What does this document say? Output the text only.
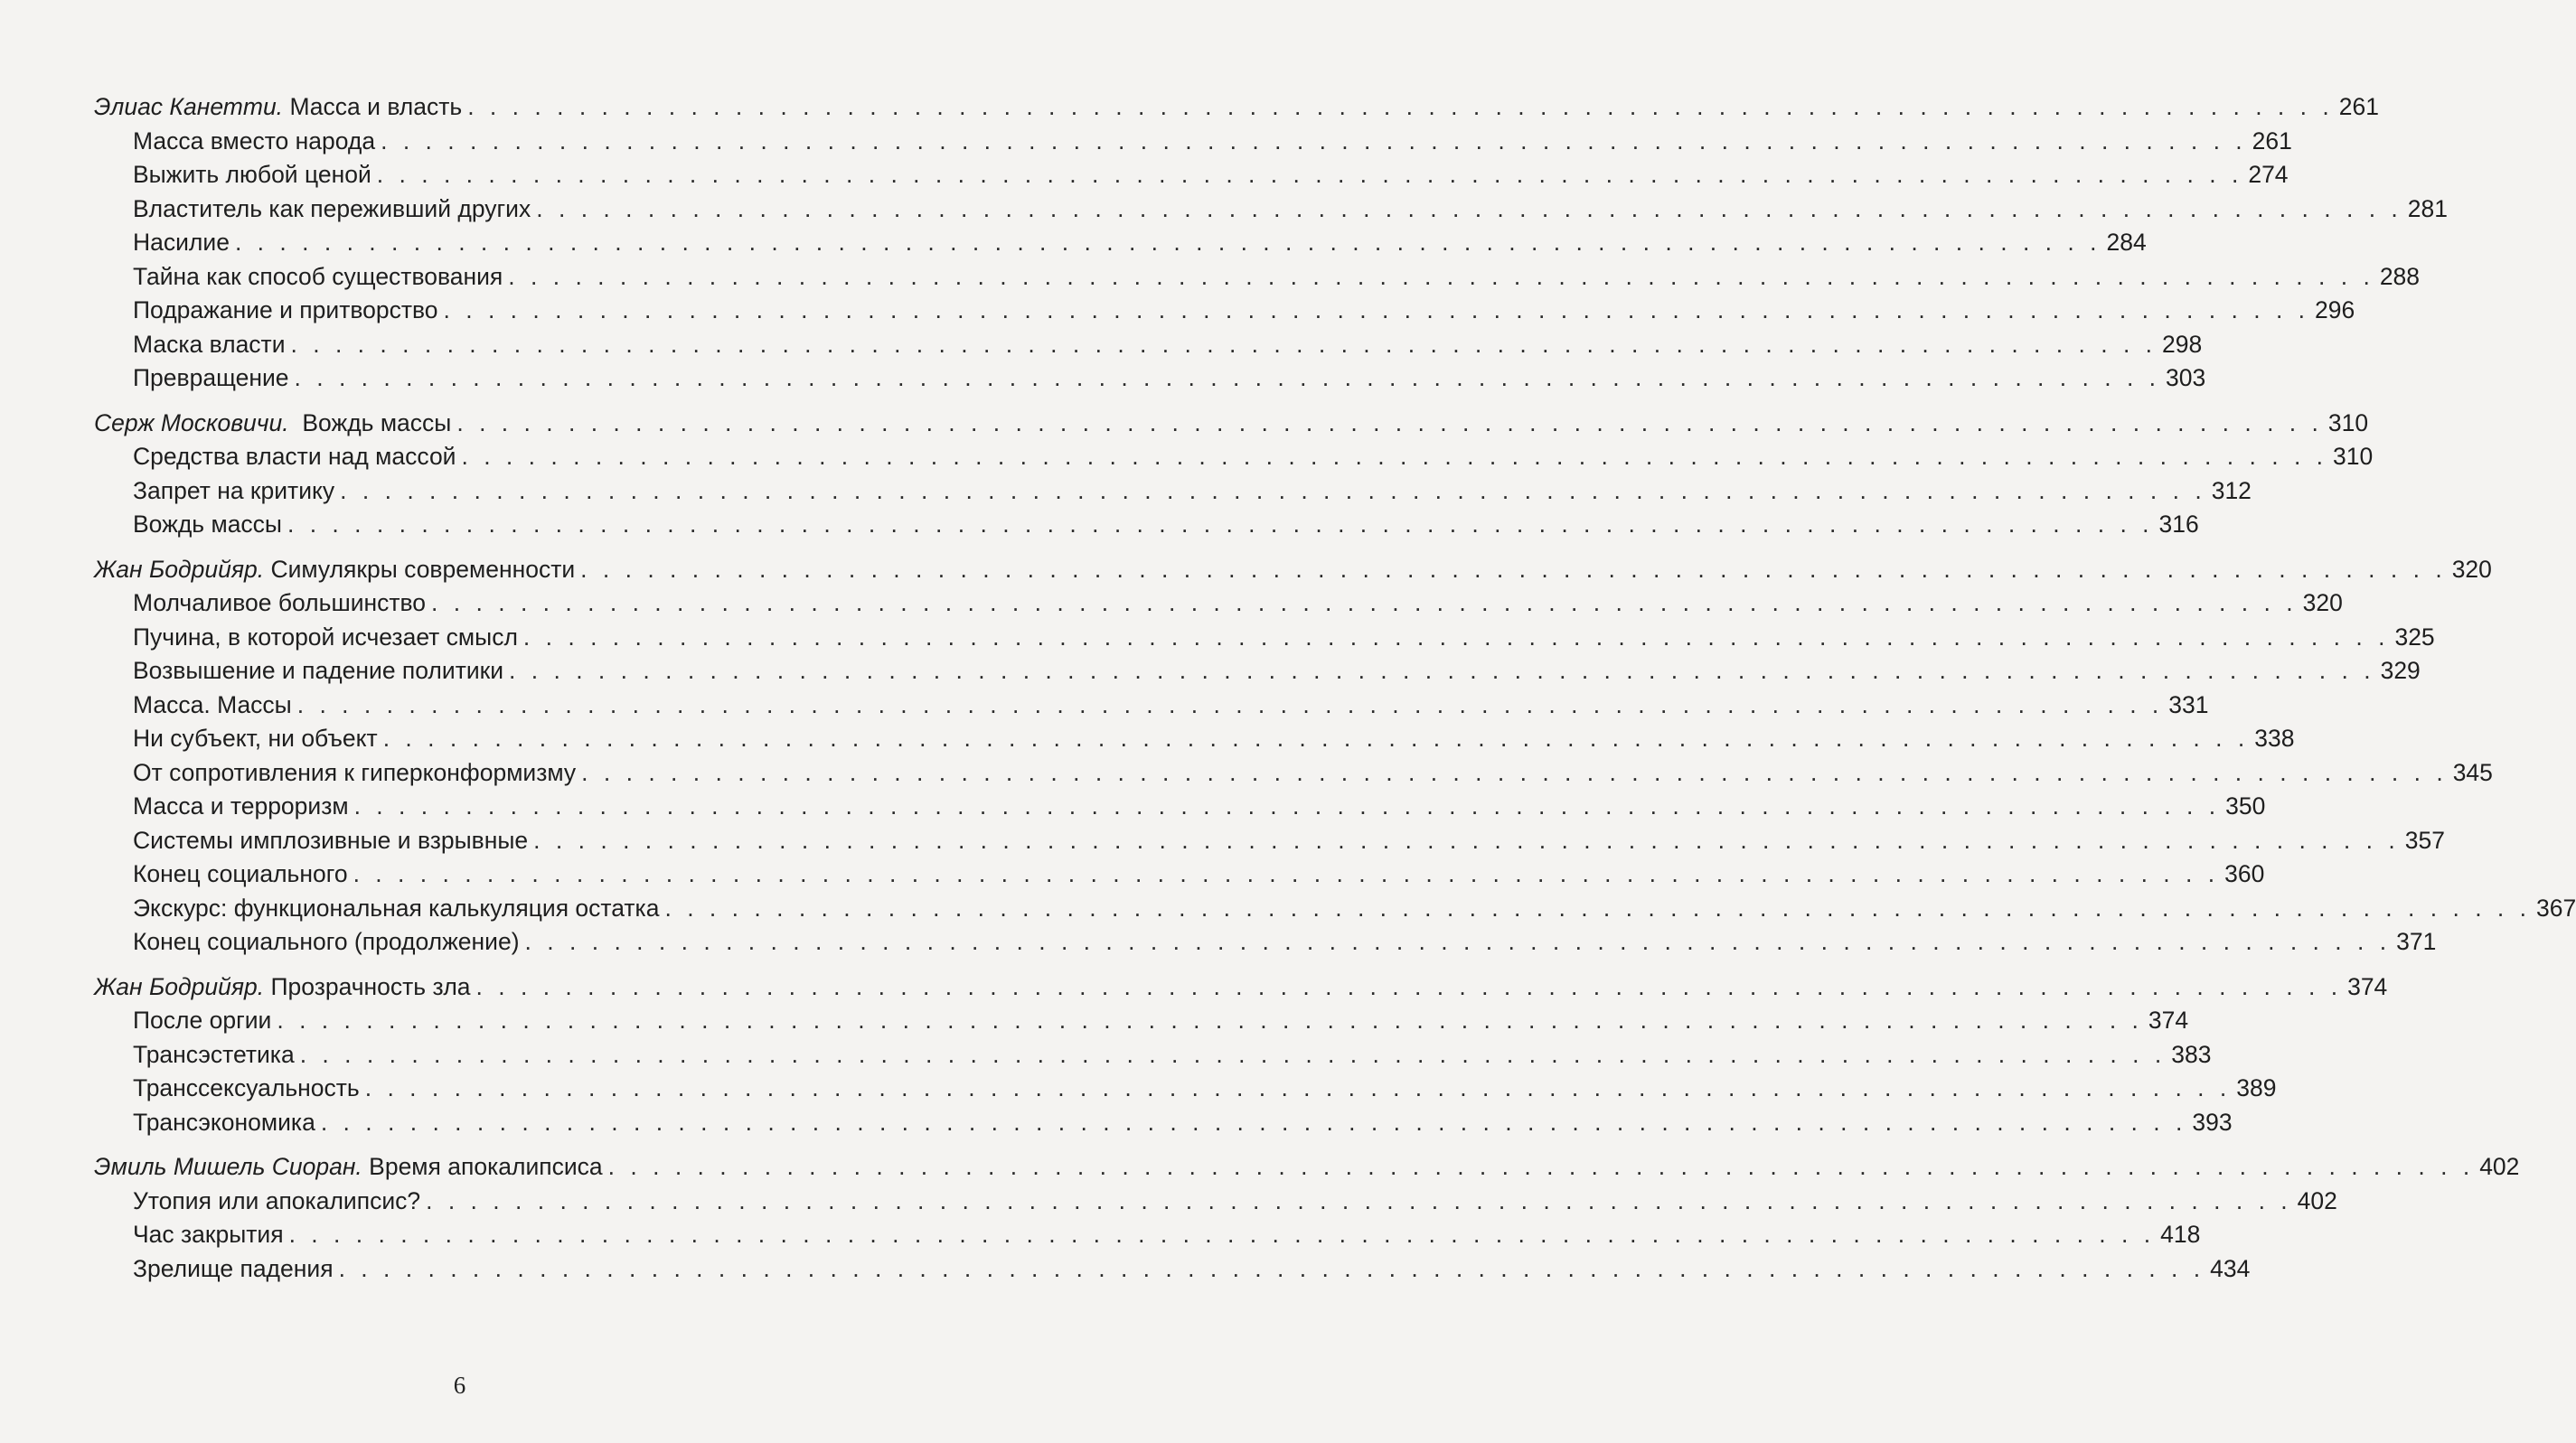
Элиас Канетти. Масса и власть . . .	261
Масса вместо народа . . .	261
Выжить любой ценой . . .	274
Властитель как переживший других . . .	281
Насилие . . .	284
Тайна как способ существования . . .	288
Подражание и притворство . . .	296
Маска власти . . .	298
Превращение . . .	303
Серж Московичи. Вождь массы . . .	310
Средства власти над массой . . .	310
Запрет на критику . . .	312
Вождь массы . . .	316
Жан Бодрийяр. Симулякры современности . . .	320
Молчаливое большинство . . .	320
Пучина, в которой исчезает смысл . . .	325
Возвышение и падение политики . . .	329
Масса. Массы . . .	331
Ни субъект, ни объект . . .	338
От сопротивления к гиперконформизму . . .	345
Масса и терроризм . . .	350
Системы имплозивные и взрывные . . .	357
Конец социального . . .	360
Экскурс: функциональная калькуляция остатка . . .	367
Конец социального (продолжение) . . .	371
Жан Бодрийяр. Прозрачность зла . . .	374
После оргии . . .	374
Трансэстетика . . .	383
Транссексуальность . . .	389
Трансэкономика . . .	393
Эмиль Мишель Сиоран. Время апокалипсиса . . .	402
Утопия или апокалипсис? . . .	402
Час закрытия . . .	418
Зрелище падения . . .	434
6
